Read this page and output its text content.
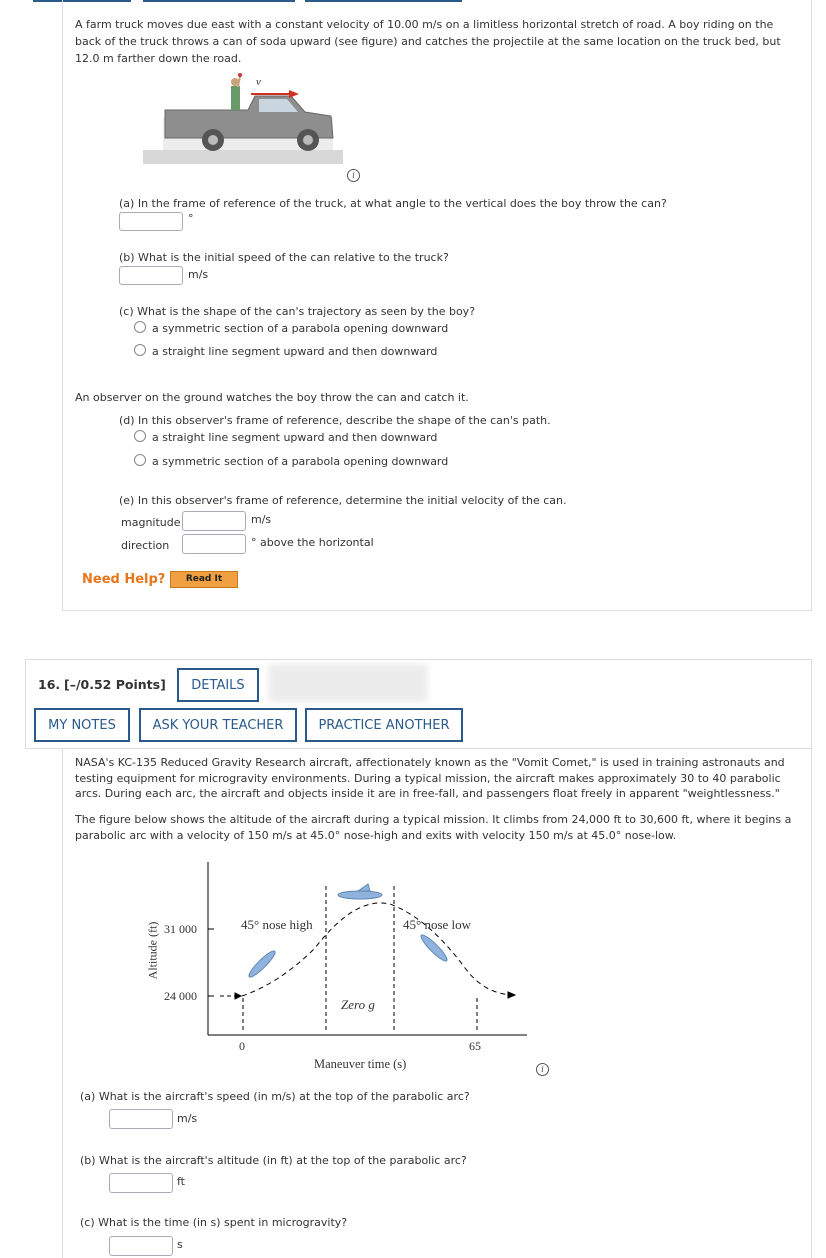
A farm truck moves due east with a constant velocity of 10.00 m/s on a limitless horizontal stretch of road. A boy riding on the
back of the truck throws a can of soda upward (see figure) and catches the projectile at the same location on the truck bed, but
12.0 m farther down the road.
v⃗
i
(a) In the frame of reference of the truck, at what angle to the vertical does the boy throw the can?
°
(b) What is the initial speed of the can relative to the truck?
m/s
(c) What is the shape of the can's trajectory as seen by the boy?
a symmetric section of a parabola opening downward
a straight line segment upward and then downward
An observer on the ground watches the boy throw the can and catch it.
(d) In this observer's frame of reference, describe the shape of the can's path.
a straight line segment upward and then downward
a symmetric section of a parabola opening downward
(e) In this observer's frame of reference, determine the initial velocity of the can.
magnitude	m/s
direction	° above the horizontal
Need Help?	Read It
16. [–/0.52 Points]	DETAILS
MY NOTES	ASK YOUR TEACHER	PRACTICE ANOTHER
NASA's KC-135 Reduced Gravity Research aircraft, affectionately known as the "Vomit Comet," is used in training astronauts and
testing equipment for microgravity environments. During a typical mission, the aircraft makes approximately 30 to 40 parabolic
arcs. During each arc, the aircraft and objects inside it are in free-fall, and passengers float freely in apparent "weightlessness."
The figure below shows the altitude of the aircraft during a typical mission. It climbs from 24,000 ft to 30,600 ft, where it begins a
parabolic arc with a velocity of 150 m/s at 45.0° nose-high and exits with velocity 150 m/s at 45.0° nose-low.
Altitude (ft) 31 000
24 000
0	65
Maneuver time (s)
45° nose high	45° nose low
Zero g
i
(a) What is the aircraft's speed (in m/s) at the top of the parabolic arc?
m/s
(b) What is the aircraft's altitude (in ft) at the top of the parabolic arc?
ft
(c) What is the time (in s) spent in microgravity?
s
